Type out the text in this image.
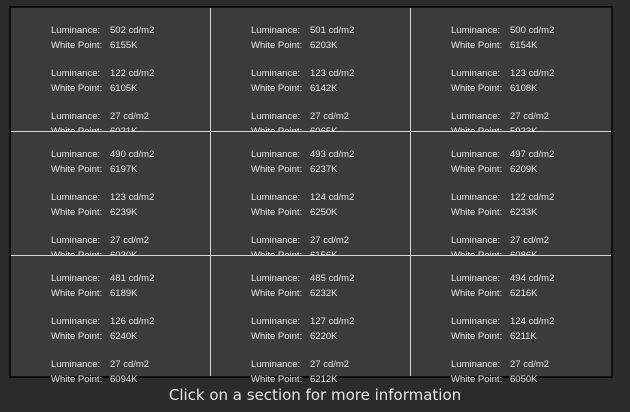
Luminance:	502 cd/m2
White Point: 6155K
Luminance:	122 cd/m2
White Point: 6105K
Luminance:	27 cd/m2
Luminance:	501 cd/m2
White Point: 6203K
Luminance:	123 cd/m2
White Point: 6142K
Luminance:	27 cd/m2
Luminance:	500 cd/m2
White Point: 6154K
Luminance:	123 cd/m2
White Point: 6108K
Luminance:	27 cd/m2
Luminance:	490 cd/m2
White Point: 6197K
Luminance:	123 cd/m2
White Point: 6239K
Luminance:	27 cd/m2
Luminance:	493 cd/m2
White Point: 6237K
Luminance:	124 cd/m2
White Point: 6250K
Luminance:	27 cd/m2
Luminance:	497 cd/m2
White Point: 6209K
Luminance:	122 cd/m2
White Point: 6233K
Luminance:	27 cd/m2
Luminance:	481 cd/m2
White Point: 6189K
Luminance:	126 cd/m2
White Point: 6240K
Luminance:	27 cd/m2
White Point: 6094K
Luminance:	485 cd/m2
White Point: 6232K
Luminance:	127 cd/m2
White Point: 6220K
Luminance:	27 cd/m2
White Point: 6212K
Luminance:	494 cd/m2
White Point: 6216K
Luminance:	124 cd/m2
White Point: 6211K
Luminance:	27 cd/m2
White Point: 6050K
Click on a section for more information
